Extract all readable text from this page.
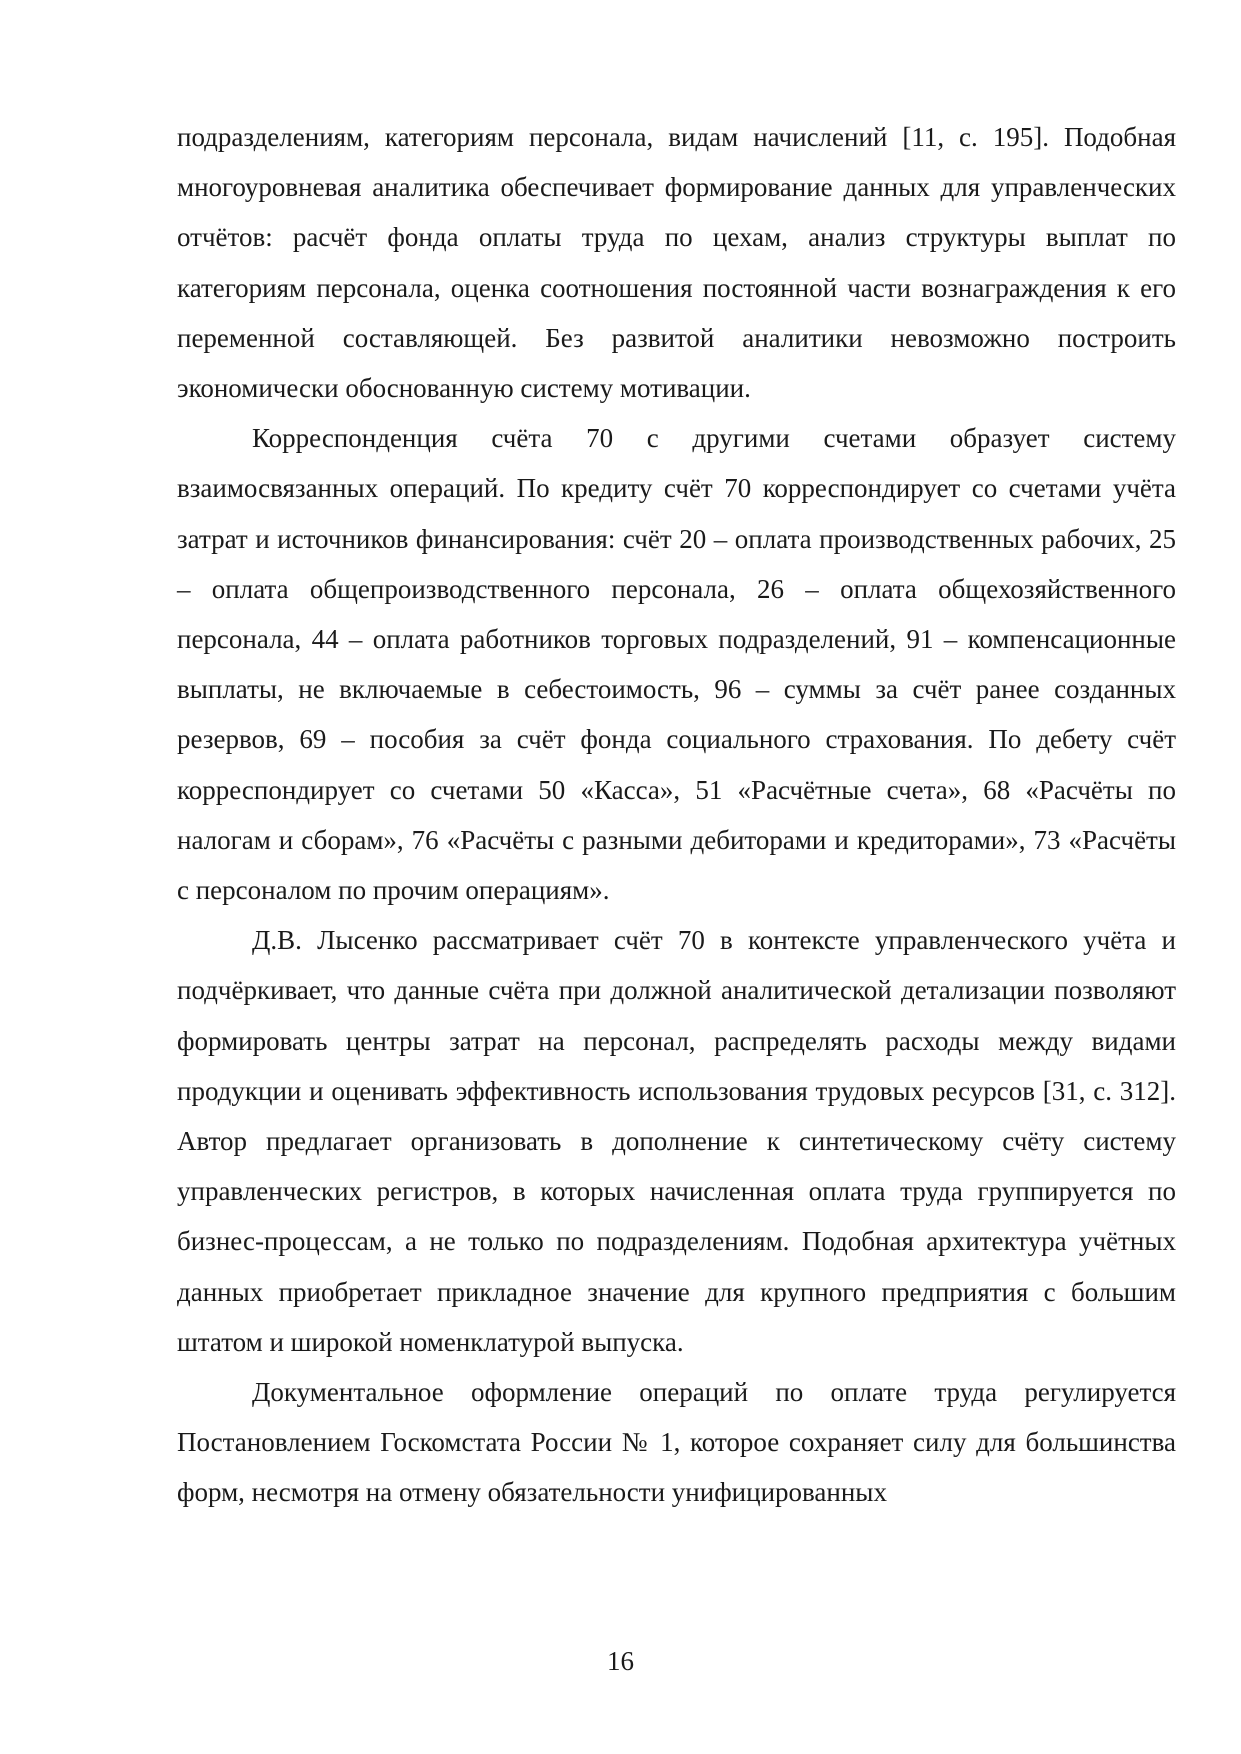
подразделениям, категориям персонала, видам начислений [11, с. 195]. Подобная многоуровневая аналитика обеспечивает формирование данных для управленческих отчётов: расчёт фонда оплаты труда по цехам, анализ структуры выплат по категориям персонала, оценка соотношения постоянной части вознаграждения к его переменной составляющей. Без развитой аналитики невозможно построить экономически обоснованную систему мотивации.

Корреспонденция счёта 70 с другими счетами образует систему взаимосвязанных операций. По кредиту счёт 70 корреспондирует со счетами учёта затрат и источников финансирования: счёт 20 – оплата производственных рабочих, 25 – оплата общепроизводственного персонала, 26 – оплата общехозяйственного персонала, 44 – оплата работников торговых подразделений, 91 – компенсационные выплаты, не включаемые в себестоимость, 96 – суммы за счёт ранее созданных резервов, 69 – пособия за счёт фонда социального страхования. По дебету счёт корреспондирует со счетами 50 «Касса», 51 «Расчётные счета», 68 «Расчёты по налогам и сборам», 76 «Расчёты с разными дебиторами и кредиторами», 73 «Расчёты с персоналом по прочим операциям».

Д.В. Лысенко рассматривает счёт 70 в контексте управленческого учёта и подчёркивает, что данные счёта при должной аналитической детализации позволяют формировать центры затрат на персонал, распределять расходы между видами продукции и оценивать эффективность использования трудовых ресурсов [31, с. 312]. Автор предлагает организовать в дополнение к синтетическому счёту систему управленческих регистров, в которых начисленная оплата труда группируется по бизнес-процессам, а не только по подразделениям. Подобная архитектура учётных данных приобретает прикладное значение для крупного предприятия с большим штатом и широкой номенклатурой выпуска.

Документальное оформление операций по оплате труда регулируется Постановлением Госкомстата России № 1, которое сохраняет силу для большинства форм, несмотря на отмену обязательности унифицированных

16
